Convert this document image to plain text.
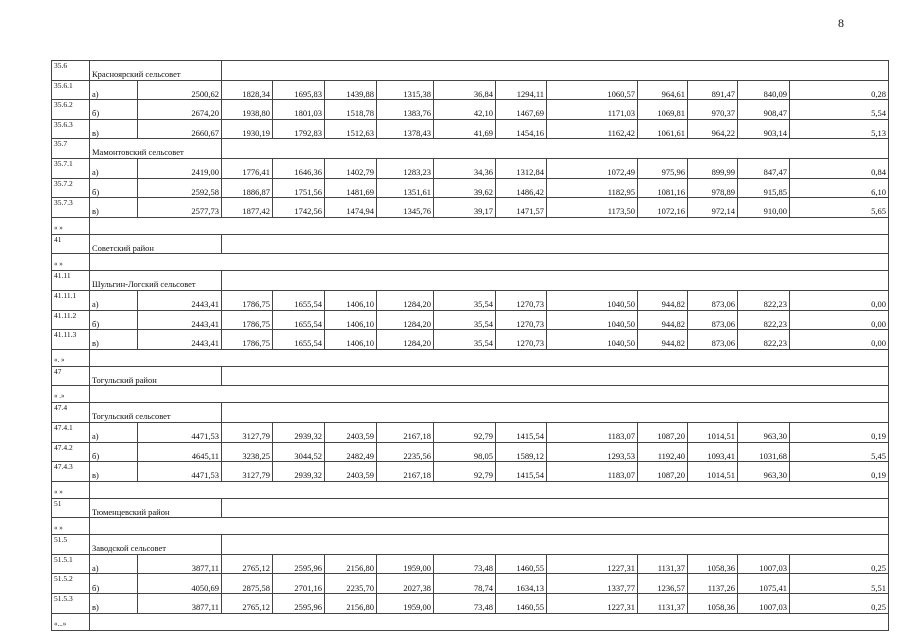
8
35.6	Красноярский сельсовет												
35.6.1	а)	2500,62	1828,34	1695,83	1439,88	1315,38	36,84	1294,11	1060,57	964,61	891,47	840,09	0,28
35.6.2	б)	2674,20	1938,80	1801,03	1518,78	1383,76	42,10	1467,69	1171,03	1069,81	970,37	908,47	5,54
35.6.3	в)	2660,67	1930,19	1792,83	1512,63	1378,43	41,69	1454,16	1162,42	1061,61	964,22	903,14	5,13
35.7	Мамонтовский сельсовет												
35.7.1	а)	2419,00	1776,41	1646,36	1402,79	1283,23	34,36	1312,84	1072,49	975,96	899,99	847,47	0,84
35.7.2	б)	2592,58	1886,87	1751,56	1481,69	1351,61	39,62	1486,42	1182,95	1081,16	978,89	915,85	6,10
35.7.3	в)	2577,73	1877,42	1742,56	1474,94	1345,76	39,17	1471,57	1173,50	1072,16	972,14	910,00	5,65
« »													
41	Советский район												
« »													
41.11	Шульгин-Логский сельсовет												
41.11.1	а)	2443,41	1786,75	1655,54	1406,10	1284,20	35,54	1270,73	1040,50	944,82	873,06	822,23	0,00
41.11.2	б)	2443,41	1786,75	1655,54	1406,10	1284,20	35,54	1270,73	1040,50	944,82	873,06	822,23	0,00
41.11.3	в)	2443,41	1786,75	1655,54	1406,10	1284,20	35,54	1270,73	1040,50	944,82	873,06	822,23	0,00
«. »													
47	Тогульский район												
« .»													
47.4	Тогульский сельсовет												
47.4.1	а)	4471,53	3127,79	2939,32	2403,59	2167,18	92,79	1415,54	1183,07	1087,20	1014,51	963,30	0,19
47.4.2	б)	4645,11	3238,25	3044,52	2482,49	2235,56	98,05	1589,12	1293,53	1192,40	1093,41	1031,68	5,45
47.4.3	в)	4471,53	3127,79	2939,32	2403,59	2167,18	92,79	1415,54	1183,07	1087,20	1014,51	963,30	0,19
« »													
51	Тюменцевский район												
« »													
51.5	Заводской сельсовет												
51.5.1	а)	3877,11	2765,12	2595,96	2156,80	1959,00	73,48	1460,55	1227,31	1131,37	1058,36	1007,03	0,25
51.5.2	б)	4050,69	2875,58	2701,16	2235,70	2027,38	78,74	1634,13	1337,77	1236,57	1137,26	1075,41	5,51
51.5.3	в)	3877,11	2765,12	2595,96	2156,80	1959,00	73,48	1460,55	1227,31	1131,37	1058,36	1007,03	0,25
«...»													
